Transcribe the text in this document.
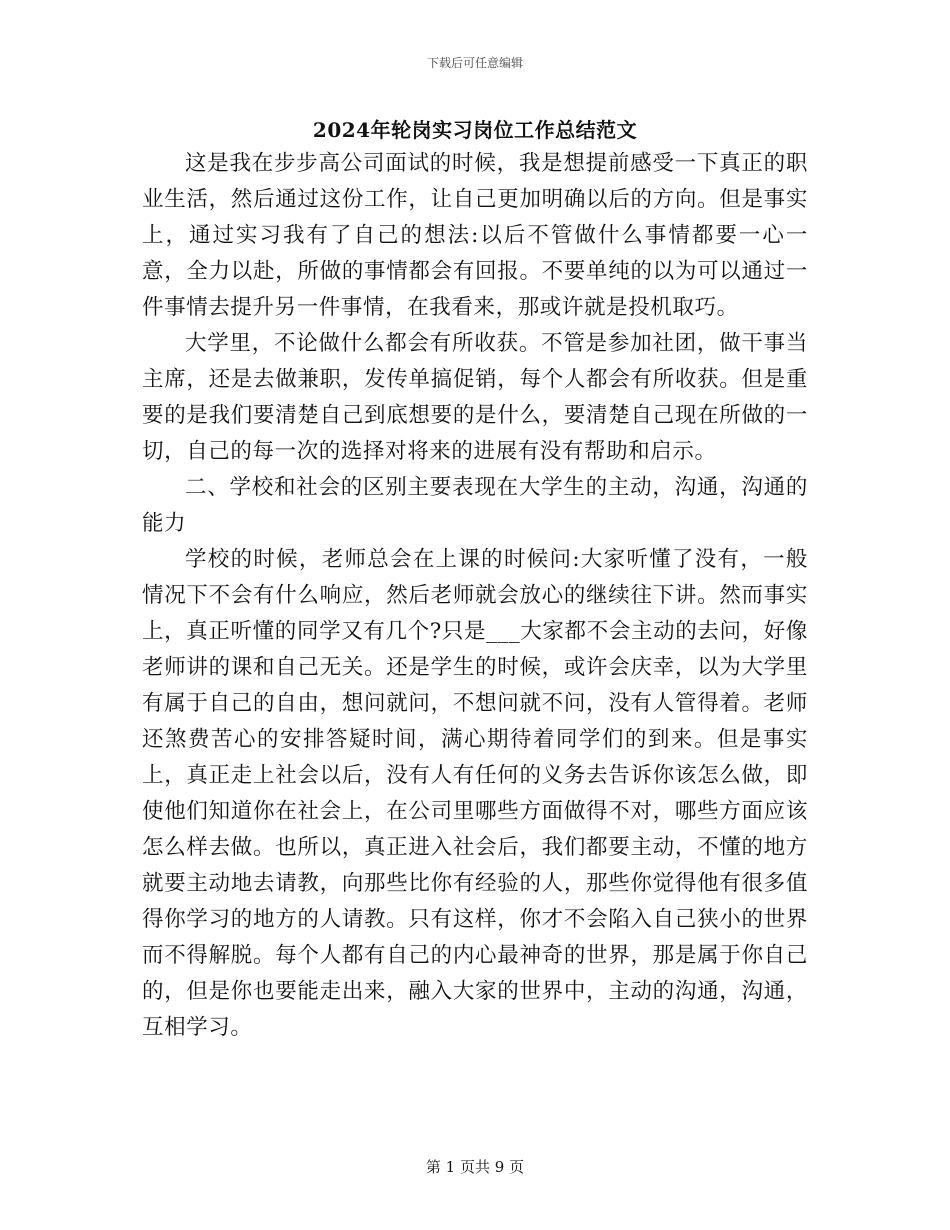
下载后可任意编辑
2024年轮岗实习岗位工作总结范文

这是我在步步高公司面试的时候，我是想提前感受一下真正的职业生活，然后通过这份工作，让自己更加明确以后的方向。但是事实上，通过实习我有了自己的想法:以后不管做什么事情都要一心一意，全力以赴，所做的事情都会有回报。不要单纯的以为可以通过一件事情去提升另一件事情，在我看来，那或许就是投机取巧。

大学里，不论做什么都会有所收获。不管是参加社团，做干事当主席，还是去做兼职，发传单搞促销，每个人都会有所收获。但是重要的是我们要清楚自己到底想要的是什么，要清楚自己现在所做的一切，自己的每一次的选择对将来的进展有没有帮助和启示。

二、学校和社会的区别主要表现在大学生的主动，沟通，沟通的能力

学校的时候，老师总会在上课的时候问:大家听懂了没有，一般情况下不会有什么响应，然后老师就会放心的继续往下讲。然而事实上，真正听懂的同学又有几个?只是___大家都不会主动的去问，好像老师讲的课和自己无关。还是学生的时候，或许会庆幸，以为大学里有属于自己的自由，想问就问，不想问就不问，没有人管得着。老师还煞费苦心的安排答疑时间，满心期待着同学们的到来。但是事实上，真正走上社会以后，没有人有任何的义务去告诉你该怎么做，即使他们知道你在社会上，在公司里哪些方面做得不对，哪些方面应该怎么样去做。也所以，真正进入社会后，我们都要主动，不懂的地方就要主动地去请教，向那些比你有经验的人，那些你觉得他有很多值得你学习的地方的人请教。只有这样，你才不会陷入自己狭小的世界而不得解脱。每个人都有自己的内心最神奇的世界，那是属于你自己的，但是你也要能走出来，融入大家的世界中，主动的沟通，沟通，互相学习。

第 1 页共 9 页
